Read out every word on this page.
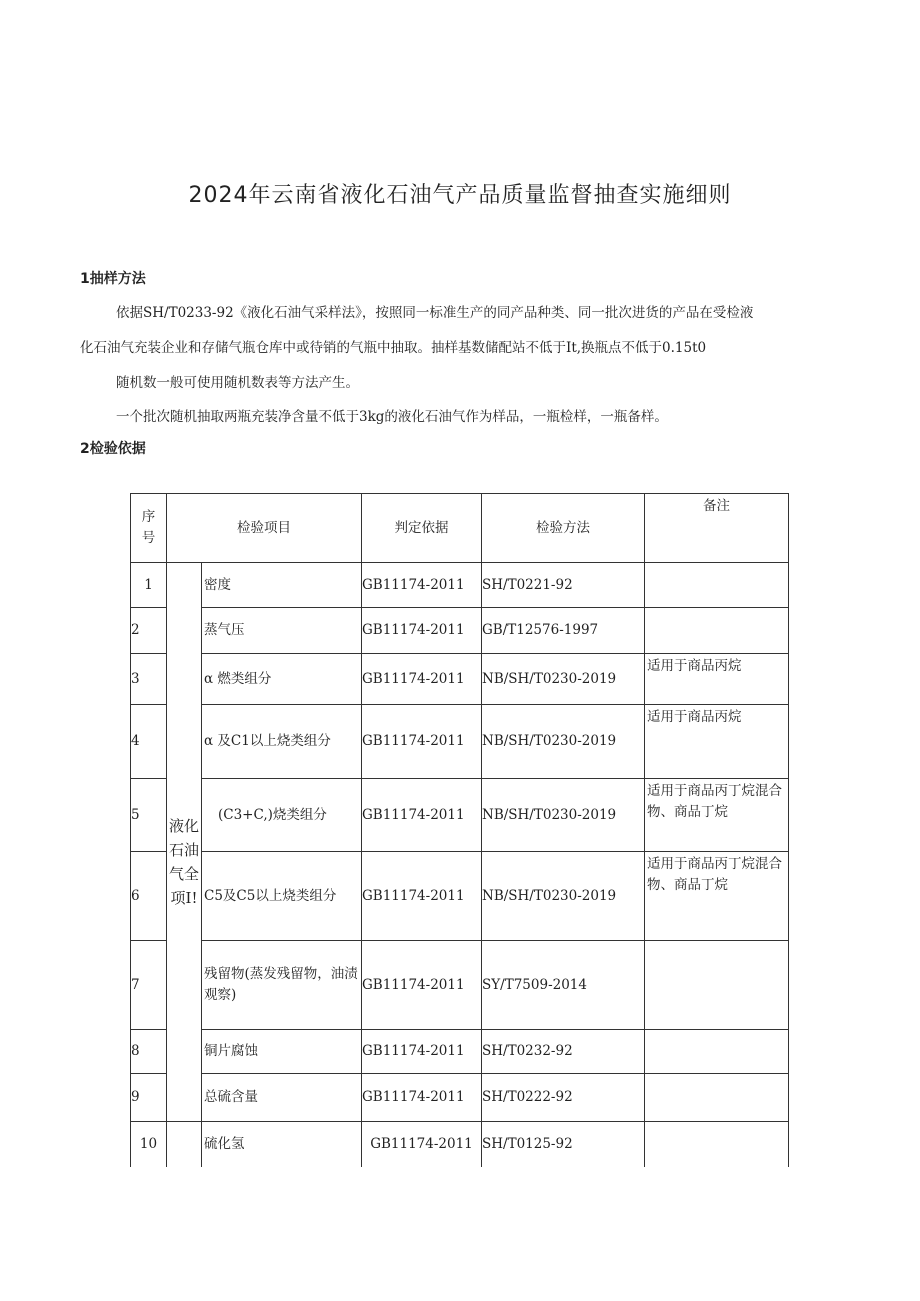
2024年云南省液化石油气产品质量监督抽查实施细则
1抽样方法
依据SH/T0233-92《液化石油气采样法》，按照同一标准生产的同产品种类、同一批次进货的产品在受检液
化石油气充装企业和存储气瓶仓库中或待销的气瓶中抽取。抽样基数储配站不低于It,换瓶点不低于0.15t0
随机数一般可使用随机数表等方法产生。
一个批次随机抽取两瓶充装净含量不低于3kg的液化石油气作为样品，一瓶检样，一瓶备样。
2检验依据
序号	检验项目		判定依据	检验方法	备注
1	液化石油气全项I!	密度	GB11174-2011	SH/T0221-92	
2		蒸气压	GB11174-2011	GB/T12576-1997	
3		α 燃类组分	GB11174-2011	NB/SH/T0230-2019	适用于商品丙烷
4		α 及C1以上烧类组分	GB11174-2011	NB/SH/T0230-2019	适用于商品丙烷
5		(C3+C,)烧类组分	GB11174-2011	NB/SH/T0230-2019	适用于商品丙丁烷混合物、商品丁烷
6		C5及C5以上烧类组分	GB11174-2011	NB/SH/T0230-2019	适用于商品丙丁烷混合物、商品丁烷
7		残留物(蒸发残留物，油渍观察)	GB11174-2011	SY/T7509-2014	
8		铜片腐蚀	GB11174-2011	SH/T0232-92	
9		总硫含量	GB11174-2011	SH/T0222-92	
10		硫化氢	GB11174-2011	SH/T0125-92	
